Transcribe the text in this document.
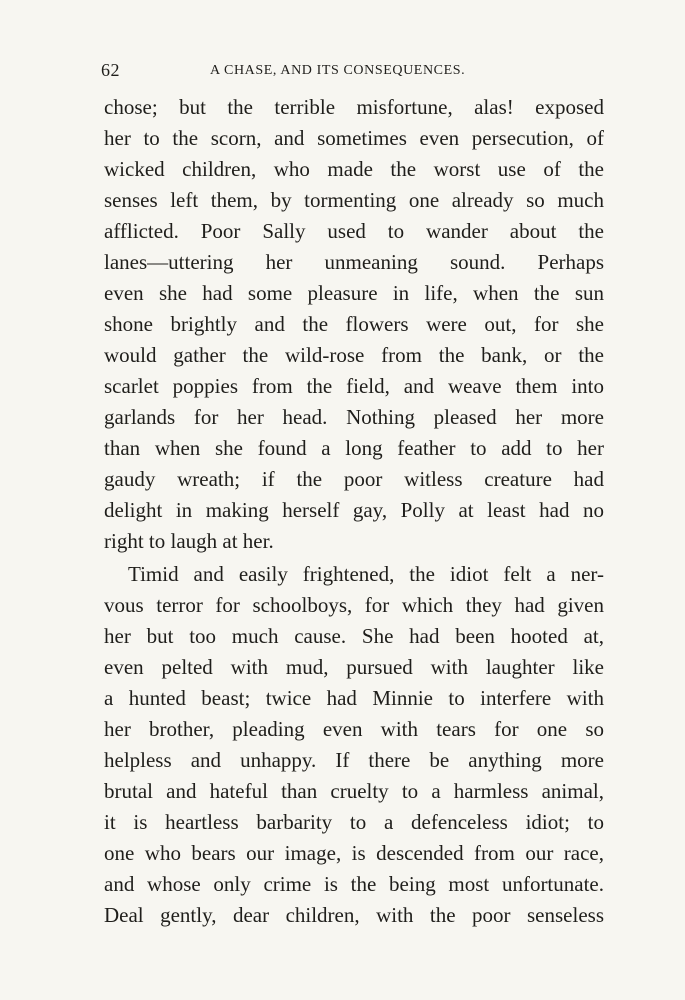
62	A CHASE, AND ITS CONSEQUENCES.
chose; but the terrible misfortune, alas! exposed
her to the scorn, and sometimes even persecution, of
wicked children, who made the worst use of the
senses left them, by tormenting one already so much
afflicted. Poor Sally used to wander about the
lanes—uttering her unmeaning sound. Perhaps
even she had some pleasure in life, when the sun
shone brightly and the flowers were out, for she
would gather the wild-rose from the bank, or the
scarlet poppies from the field, and weave them into
garlands for her head. Nothing pleased her more
than when she found a long feather to add to her
gaudy wreath; if the poor witless creature had
delight in making herself gay, Polly at least had no
right to laugh at her.
Timid and easily frightened, the idiot felt a ner-
vous terror for schoolboys, for which they had given
her but too much cause. She had been hooted at,
even pelted with mud, pursued with laughter like
a hunted beast; twice had Minnie to interfere with
her brother, pleading even with tears for one so
helpless and unhappy. If there be anything more
brutal and hateful than cruelty to a harmless animal,
it is heartless barbarity to a defenceless idiot; to
one who bears our image, is descended from our race,
and whose only crime is the being most unfortunate.
Deal gently, dear children, with the poor senseless
